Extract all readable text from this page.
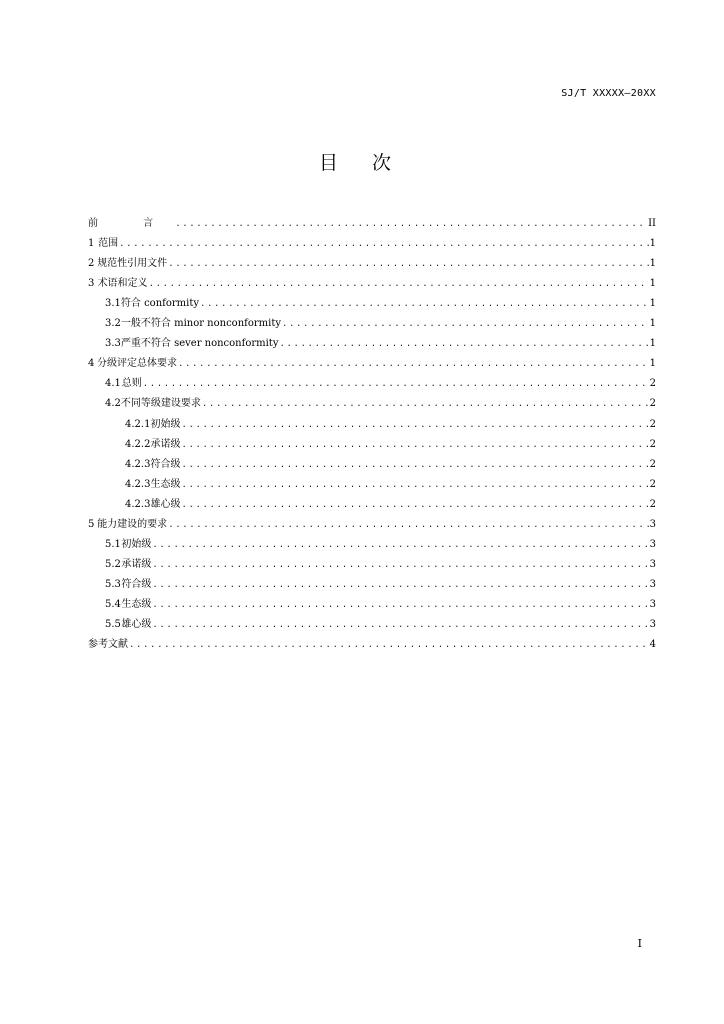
SJ/T XXXXX—20XX
目 次
前 言 .....	II
1 范围 .....	1
2 规范性引用文件 .....	1
3 术语和定义 .....	1
3.1 符合 conformity .....	1
3.2 一般不符合 minor nonconformity .....	1
3.3 严重不符合 sever nonconformity .....	1
4 分级评定总体要求 .....	1
4.1 总则 .....	2
4.2 不同等级建设要求 .....	2
4.2.1 初始级 .....	2
4.2.2 承诺级 .....	2
4.2.3 符合级 .....	2
4.2.3 生态级 .....	2
4.2.3 雄心级 .....	2
5 能力建设的要求 .....	3
5.1 初始级 .....	3
5.2 承诺级 .....	3
5.3 符合级 .....	3
5.4 生态级 .....	3
5.5 雄心级 .....	3
参考文献 .....	4
I
